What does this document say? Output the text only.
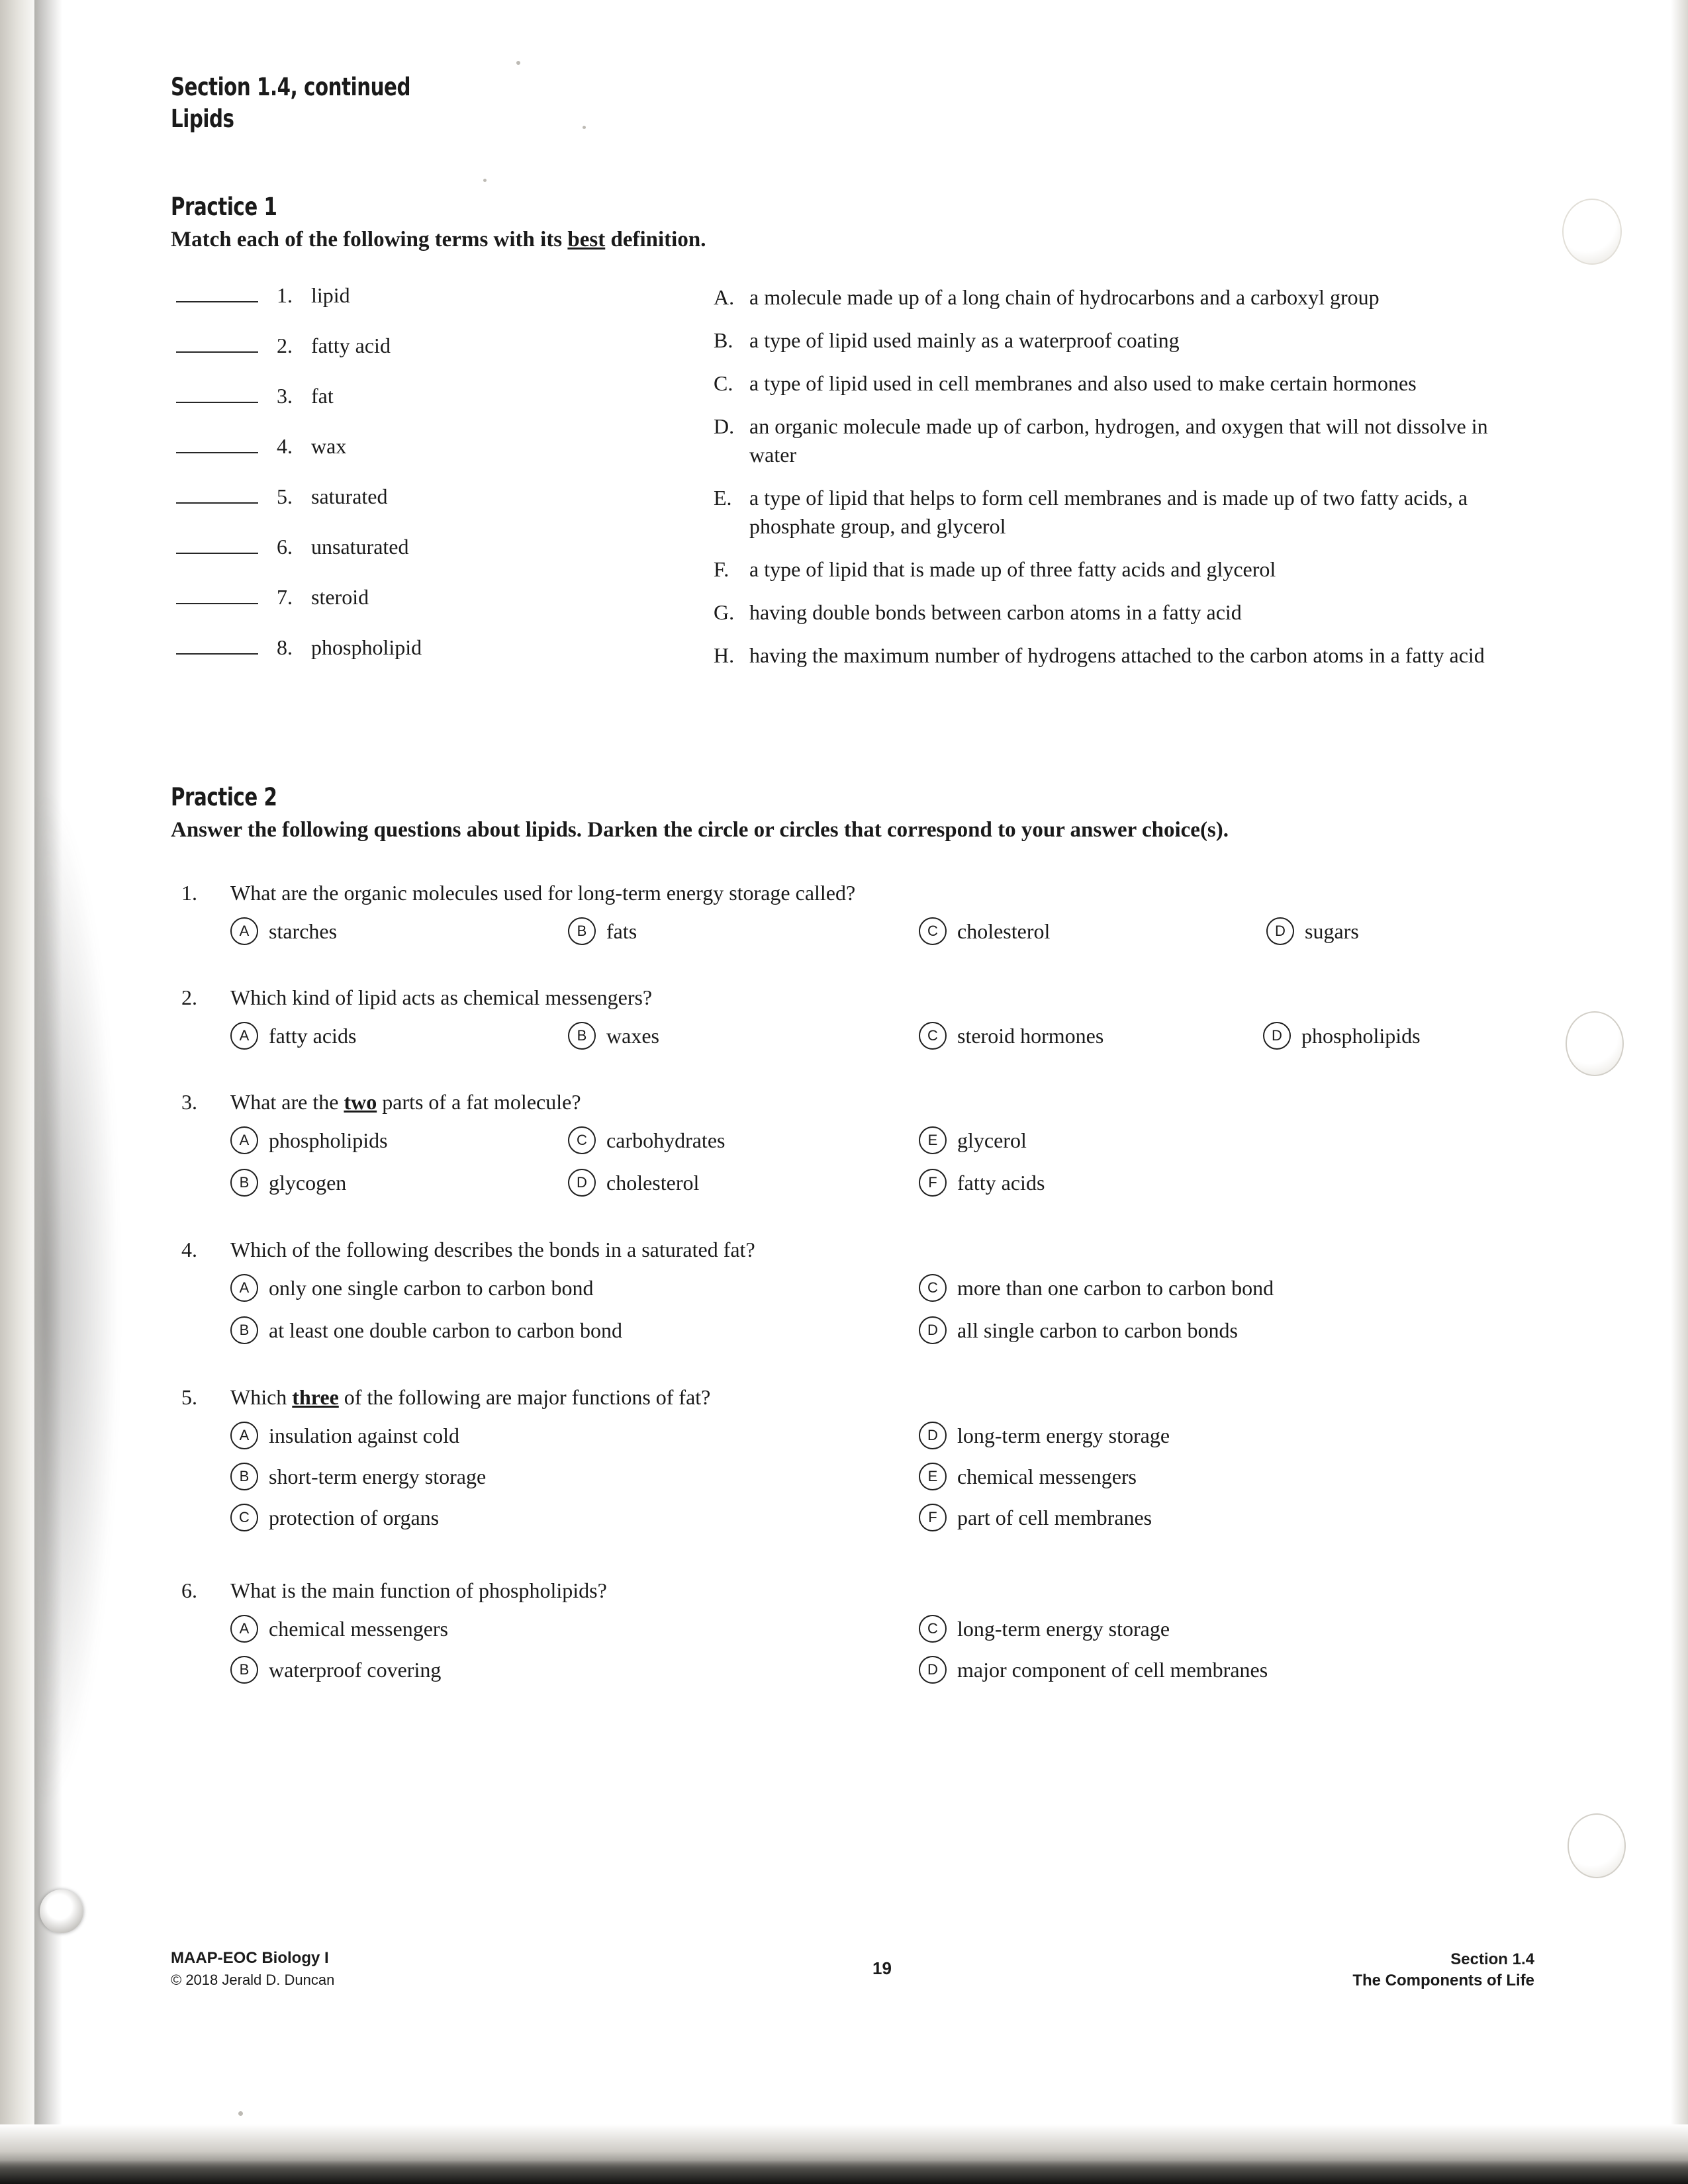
Section 1.4, continued
Lipids
Practice 1
Match each of the following terms with its best definition.
1. lipid
2. fatty acid
3. fat
4. wax
5. saturated
6. unsaturated
7. steroid
8. phospholipid
A. a molecule made up of a long chain of hydrocarbons and a carboxyl group
B. a type of lipid used mainly as a waterproof coating
C. a type of lipid used in cell membranes and also used to make certain hormones
D. an organic molecule made up of carbon, hydrogen, and oxygen that will not dissolve in water
E. a type of lipid that helps to form cell membranes and is made up of two fatty acids, a phosphate group, and glycerol
F. a type of lipid that is made up of three fatty acids and glycerol
G. having double bonds between carbon atoms in a fatty acid
H. having the maximum number of hydrogens attached to the carbon atoms in a fatty acid
Practice 2
Answer the following questions about lipids. Darken the circle or circles that correspond to your answer choice(s).
1.	What are the organic molecules used for long-term energy storage called?
A starches	B fats	C cholesterol	D sugars
2.	Which kind of lipid acts as chemical messengers?
A fatty acids	B waxes	C steroid hormones	D phospholipids
3.	What are the two parts of a fat molecule?
A phospholipids
B glycogen
C carbohydrates
D cholesterol
E glycerol
F fatty acids
4.	Which of the following describes the bonds in a saturated fat?
A only one single carbon to carbon bond
B at least one double carbon to carbon bond
C more than one carbon to carbon bond
D all single carbon to carbon bonds
5.	Which three of the following are major functions of fat?
A insulation against cold
B short-term energy storage
C protection of organs
D long-term energy storage
E chemical messengers
F part of cell membranes
6.	What is the main function of phospholipids?
A chemical messengers
B waterproof covering
C long-term energy storage
D major component of cell membranes
MAAP-EOC Biology I
© 2018 Jerald D. Duncan
19	Section 1.4
The Components of Life
